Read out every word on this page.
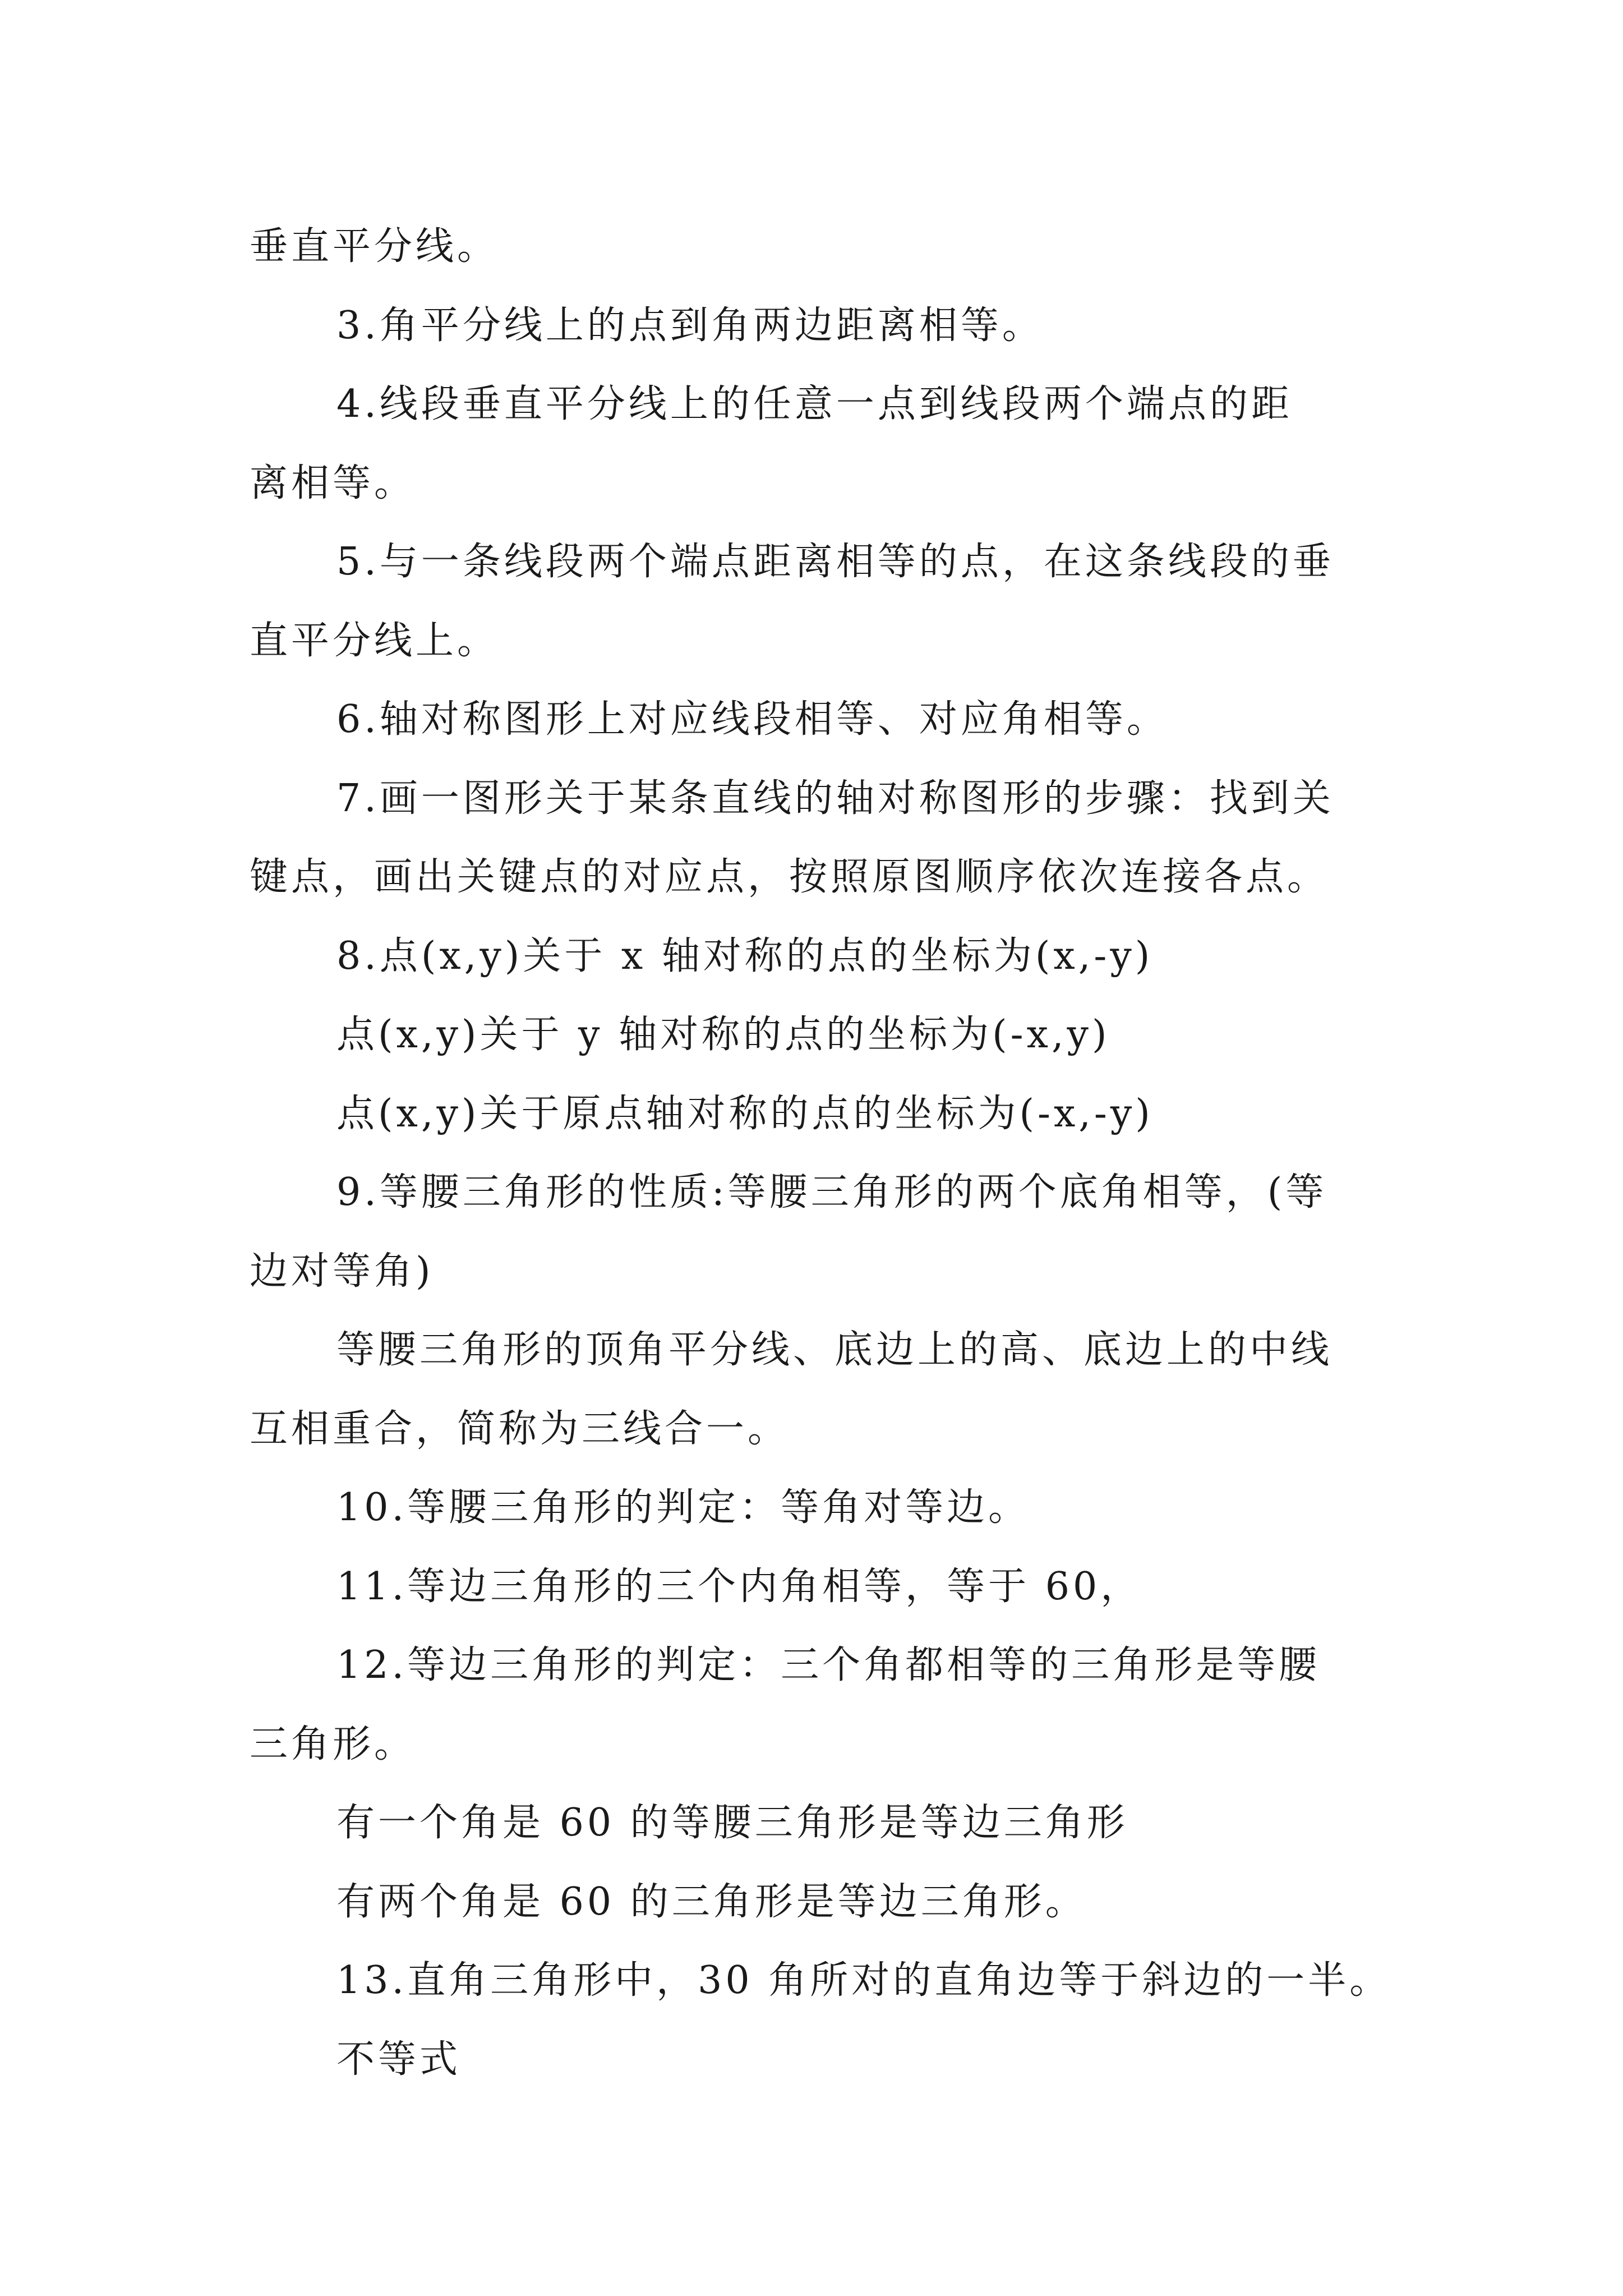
垂直平分线。
3.角平分线上的点到角两边距离相等。
4.线段垂直平分线上的任意一点到线段两个端点的距
离相等。
5.与一条线段两个端点距离相等的点，在这条线段的垂
直平分线上。
6.轴对称图形上对应线段相等、对应角相等。
7.画一图形关于某条直线的轴对称图形的步骤：找到关
键点，画出关键点的对应点，按照原图顺序依次连接各点。
8.点(x,y)关于 x 轴对称的点的坐标为(x,-y)
点(x,y)关于 y 轴对称的点的坐标为(-x,y)
点(x,y)关于原点轴对称的点的坐标为(-x,-y)
9.等腰三角形的性质:等腰三角形的两个底角相等，(等
边对等角)
等腰三角形的顶角平分线、底边上的高、底边上的中线
互相重合，简称为三线合一。
10.等腰三角形的判定：等角对等边。
11.等边三角形的三个内角相等，等于 60，
12.等边三角形的判定：三个角都相等的三角形是等腰
三角形。
有一个角是 60 的等腰三角形是等边三角形
有两个角是 60 的三角形是等边三角形。
13.直角三角形中，30 角所对的直角边等于斜边的一半。
不等式
